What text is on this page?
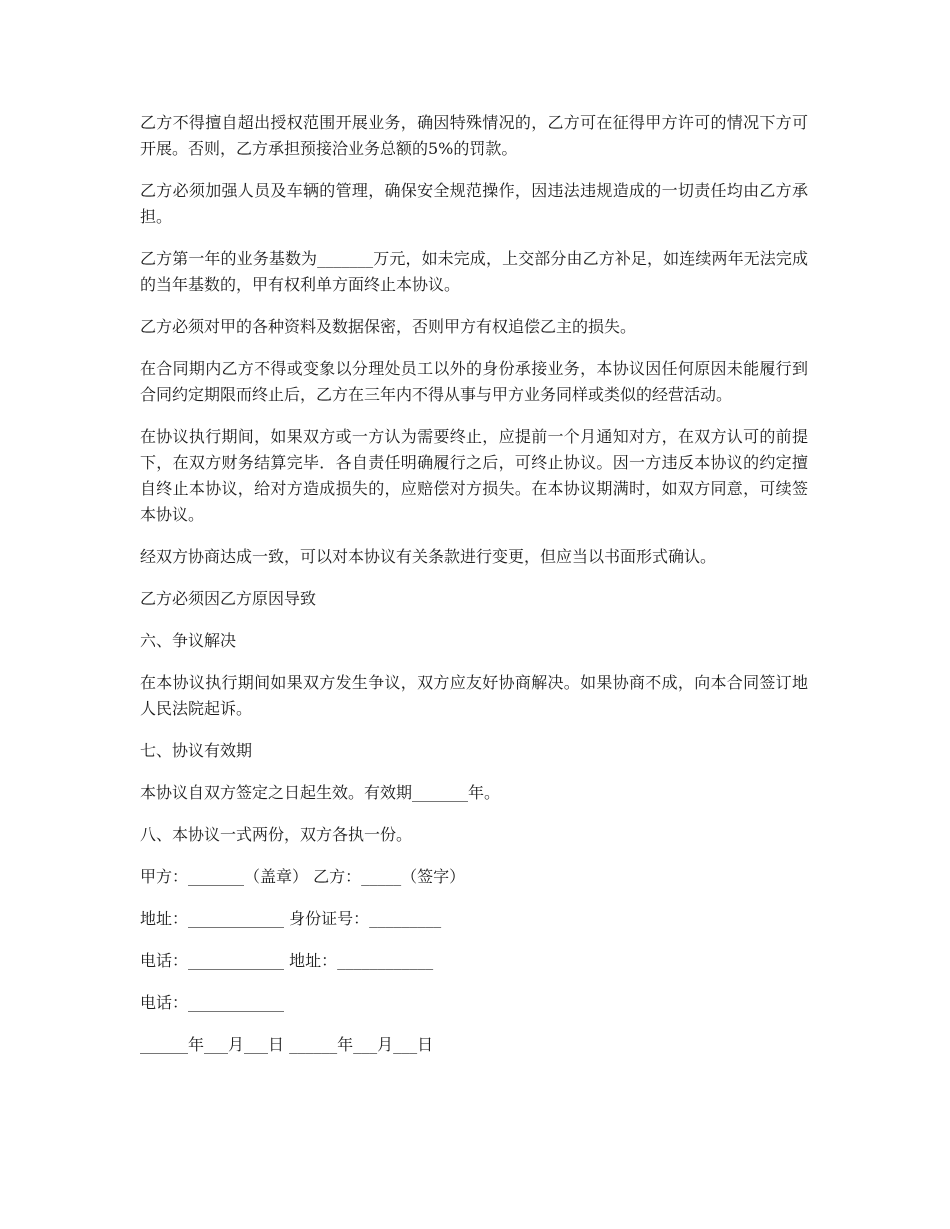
乙方不得擅自超出授权范围开展业务，确因特殊情况的，乙方可在征得甲方许可的情况下方可开展。否则，乙方承担预接洽业务总额的5%的罚款。

乙方必须加强人员及车辆的管理，确保安全规范操作，因违法违规造成的一切责任均由乙方承担。

乙方第一年的业务基数为_______万元，如未完成，上交部分由乙方补足，如连续两年无法完成的当年基数的，甲有权利单方面终止本协议。

乙方必须对甲的各种资料及数据保密，否则甲方有权追偿乙主的损失。

在合同期内乙方不得或变象以分理处员工以外的身份承接业务，本协议因任何原因未能履行到合同约定期限而终止后，乙方在三年内不得从事与甲方业务同样或类似的经营活动。

在协议执行期间，如果双方或一方认为需要终止，应提前一个月通知对方，在双方认可的前提下，在双方财务结算完毕．各自责任明确履行之后，可终止协议。因一方违反本协议的约定擅自终止本协议，给对方造成损失的，应赔偿对方损失。在本协议期满时，如双方同意，可续签本协议。

经双方协商达成一致，可以对本协议有关条款进行变更，但应当以书面形式确认。

乙方必须因乙方原因导致

六、争议解决

在本协议执行期间如果双方发生争议，双方应友好协商解决。如果协商不成，向本合同签订地人民法院起诉。

七、协议有效期

本协议自双方签定之日起生效。有效期_______年。

八、本协议一式两份，双方各执一份。

甲方：_______（盖章） 乙方：_____（签字）

地址：____________ 身份证号：_________

电话：____________ 地址：____________

电话：____________

______年___月___日 ______年___月___日
